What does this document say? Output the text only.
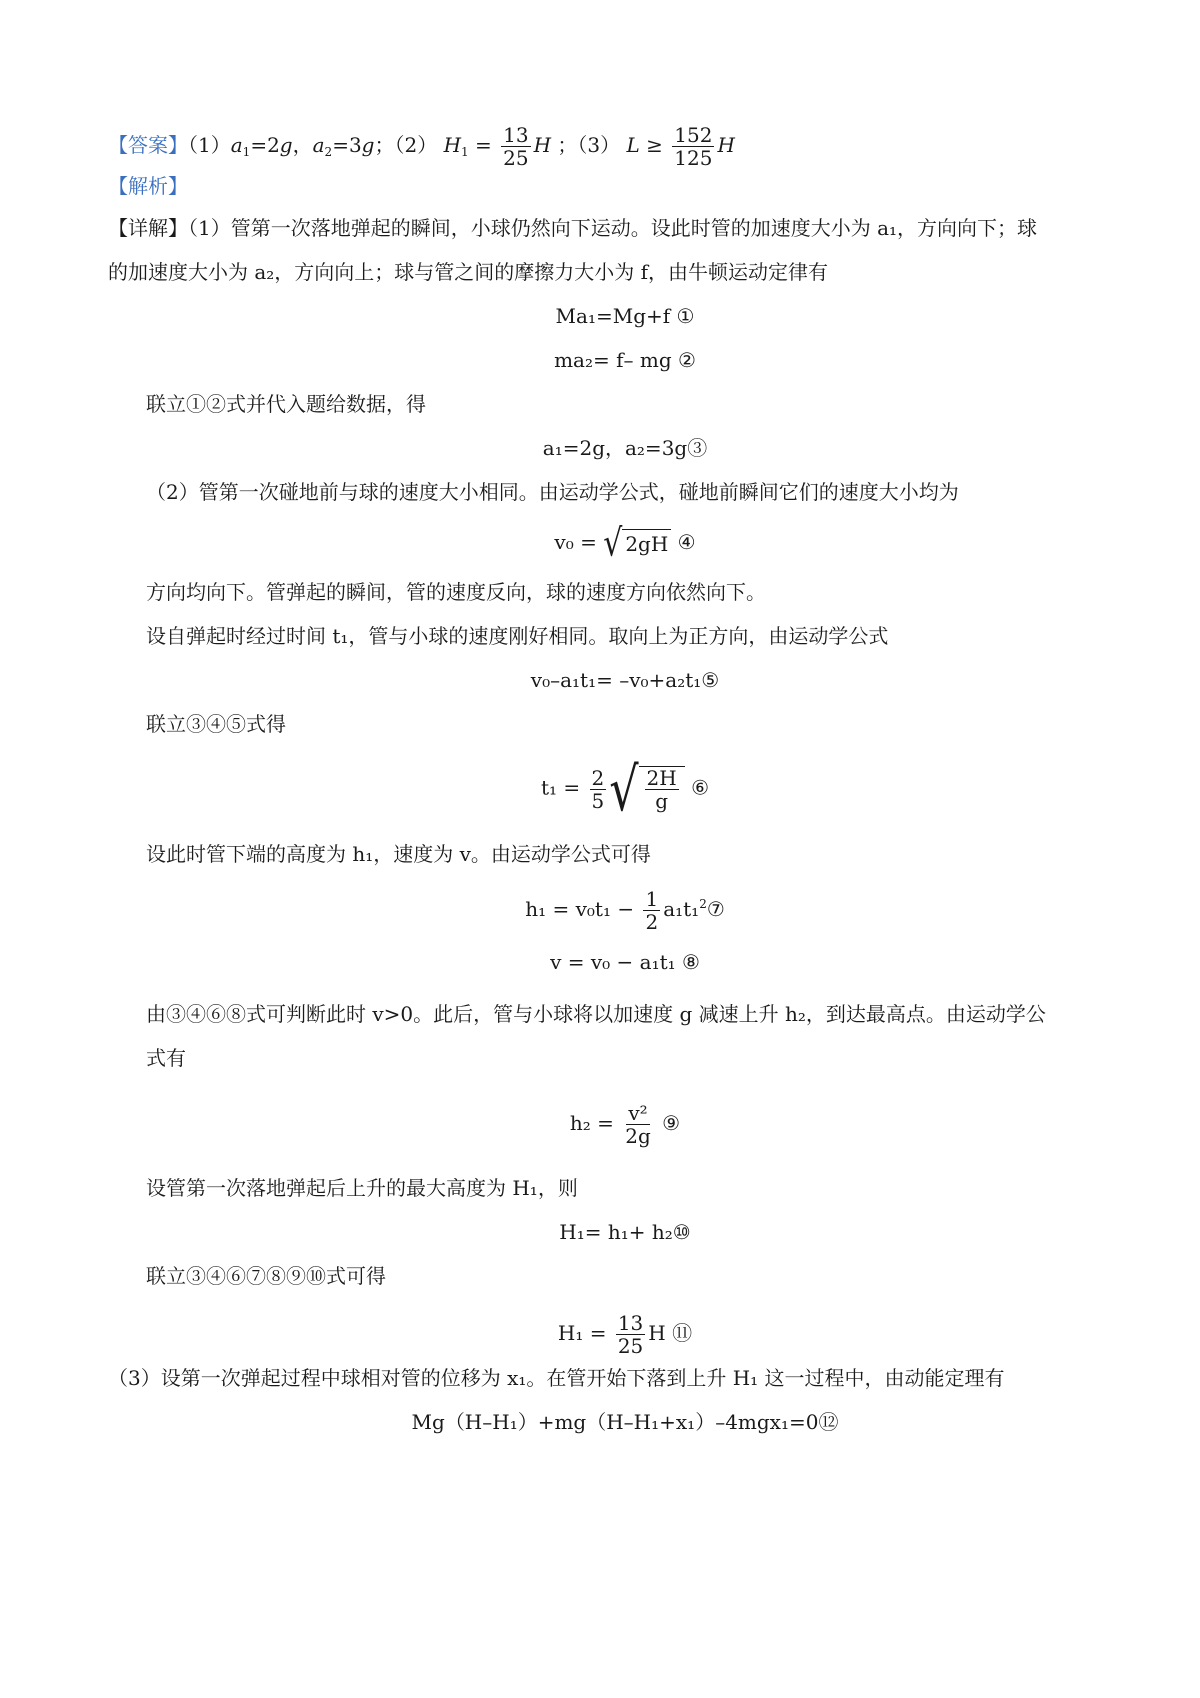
【答案】$(1)a_1=2g$，$a_2=3g$；（2） $H_1 = \frac{13}{25}$ H ；（3） $L \ge \frac{152}{125}$ H
【解析】
【详解】（1）管第一次落地弹起的瞬间，小球仍然向下运动。设此时管的加速度大小为 a₁，方向向下；球
的加速度大小为 a₂，方向向上；球与管之间的摩擦力大小为 f，由牛顿运动定律有
Ma₁=Mg+f ①
ma₂= f– mg ②
联立①②式并代入题给数据，得
a₁=2g，a₂=3g③
（2）管第一次碰地前与球的速度大小相同。由运动学公式，碰地前瞬间它们的速度大小均为
v₀ = √ 2gH ④
方向均向下。管弹起的瞬间，管的速度反向，球的速度方向依然向下。
设自弹起时经过时间 t₁，管与小球的速度刚好相同。取向上为正方向，由运动学公式
v₀–a₁t₁= –v₀+a₂t₁⑤
联立③④⑤式得
$t_1 = \frac{2}{5}$ √ $\frac{2H}{g}$ ⑥
设此时管下端的高度为 h₁，速度为 v。由运动学公式可得
$h_1 = v_0t_1 - \frac{1}{2}$ a₁t₁$^2$⑦
v = v₀ − a₁t₁ ⑧
由③④⑥⑧式可判断此时 v>0。此后，管与小球将以加速度 g 减速上升 h₂，到达最高点。由运动学公
式有
$h_2 = \frac{\text{v²}}{2g}$ ⑨
设管第一次落地弹起后上升的最大高度为 H₁，则
H₁= h₁+ h₂⑩
联立③④⑥⑦⑧⑨⑩式可得
$H_1 = \frac{13}{25}$ H ⑪
（3）设第一次弹起过程中球相对管的位移为 x₁。在管开始下落到上升 H₁ 这一过程中，由动能定理有
Mg（H–H₁）+mg（H–H₁+x₁）–4mgx₁=0⑫
